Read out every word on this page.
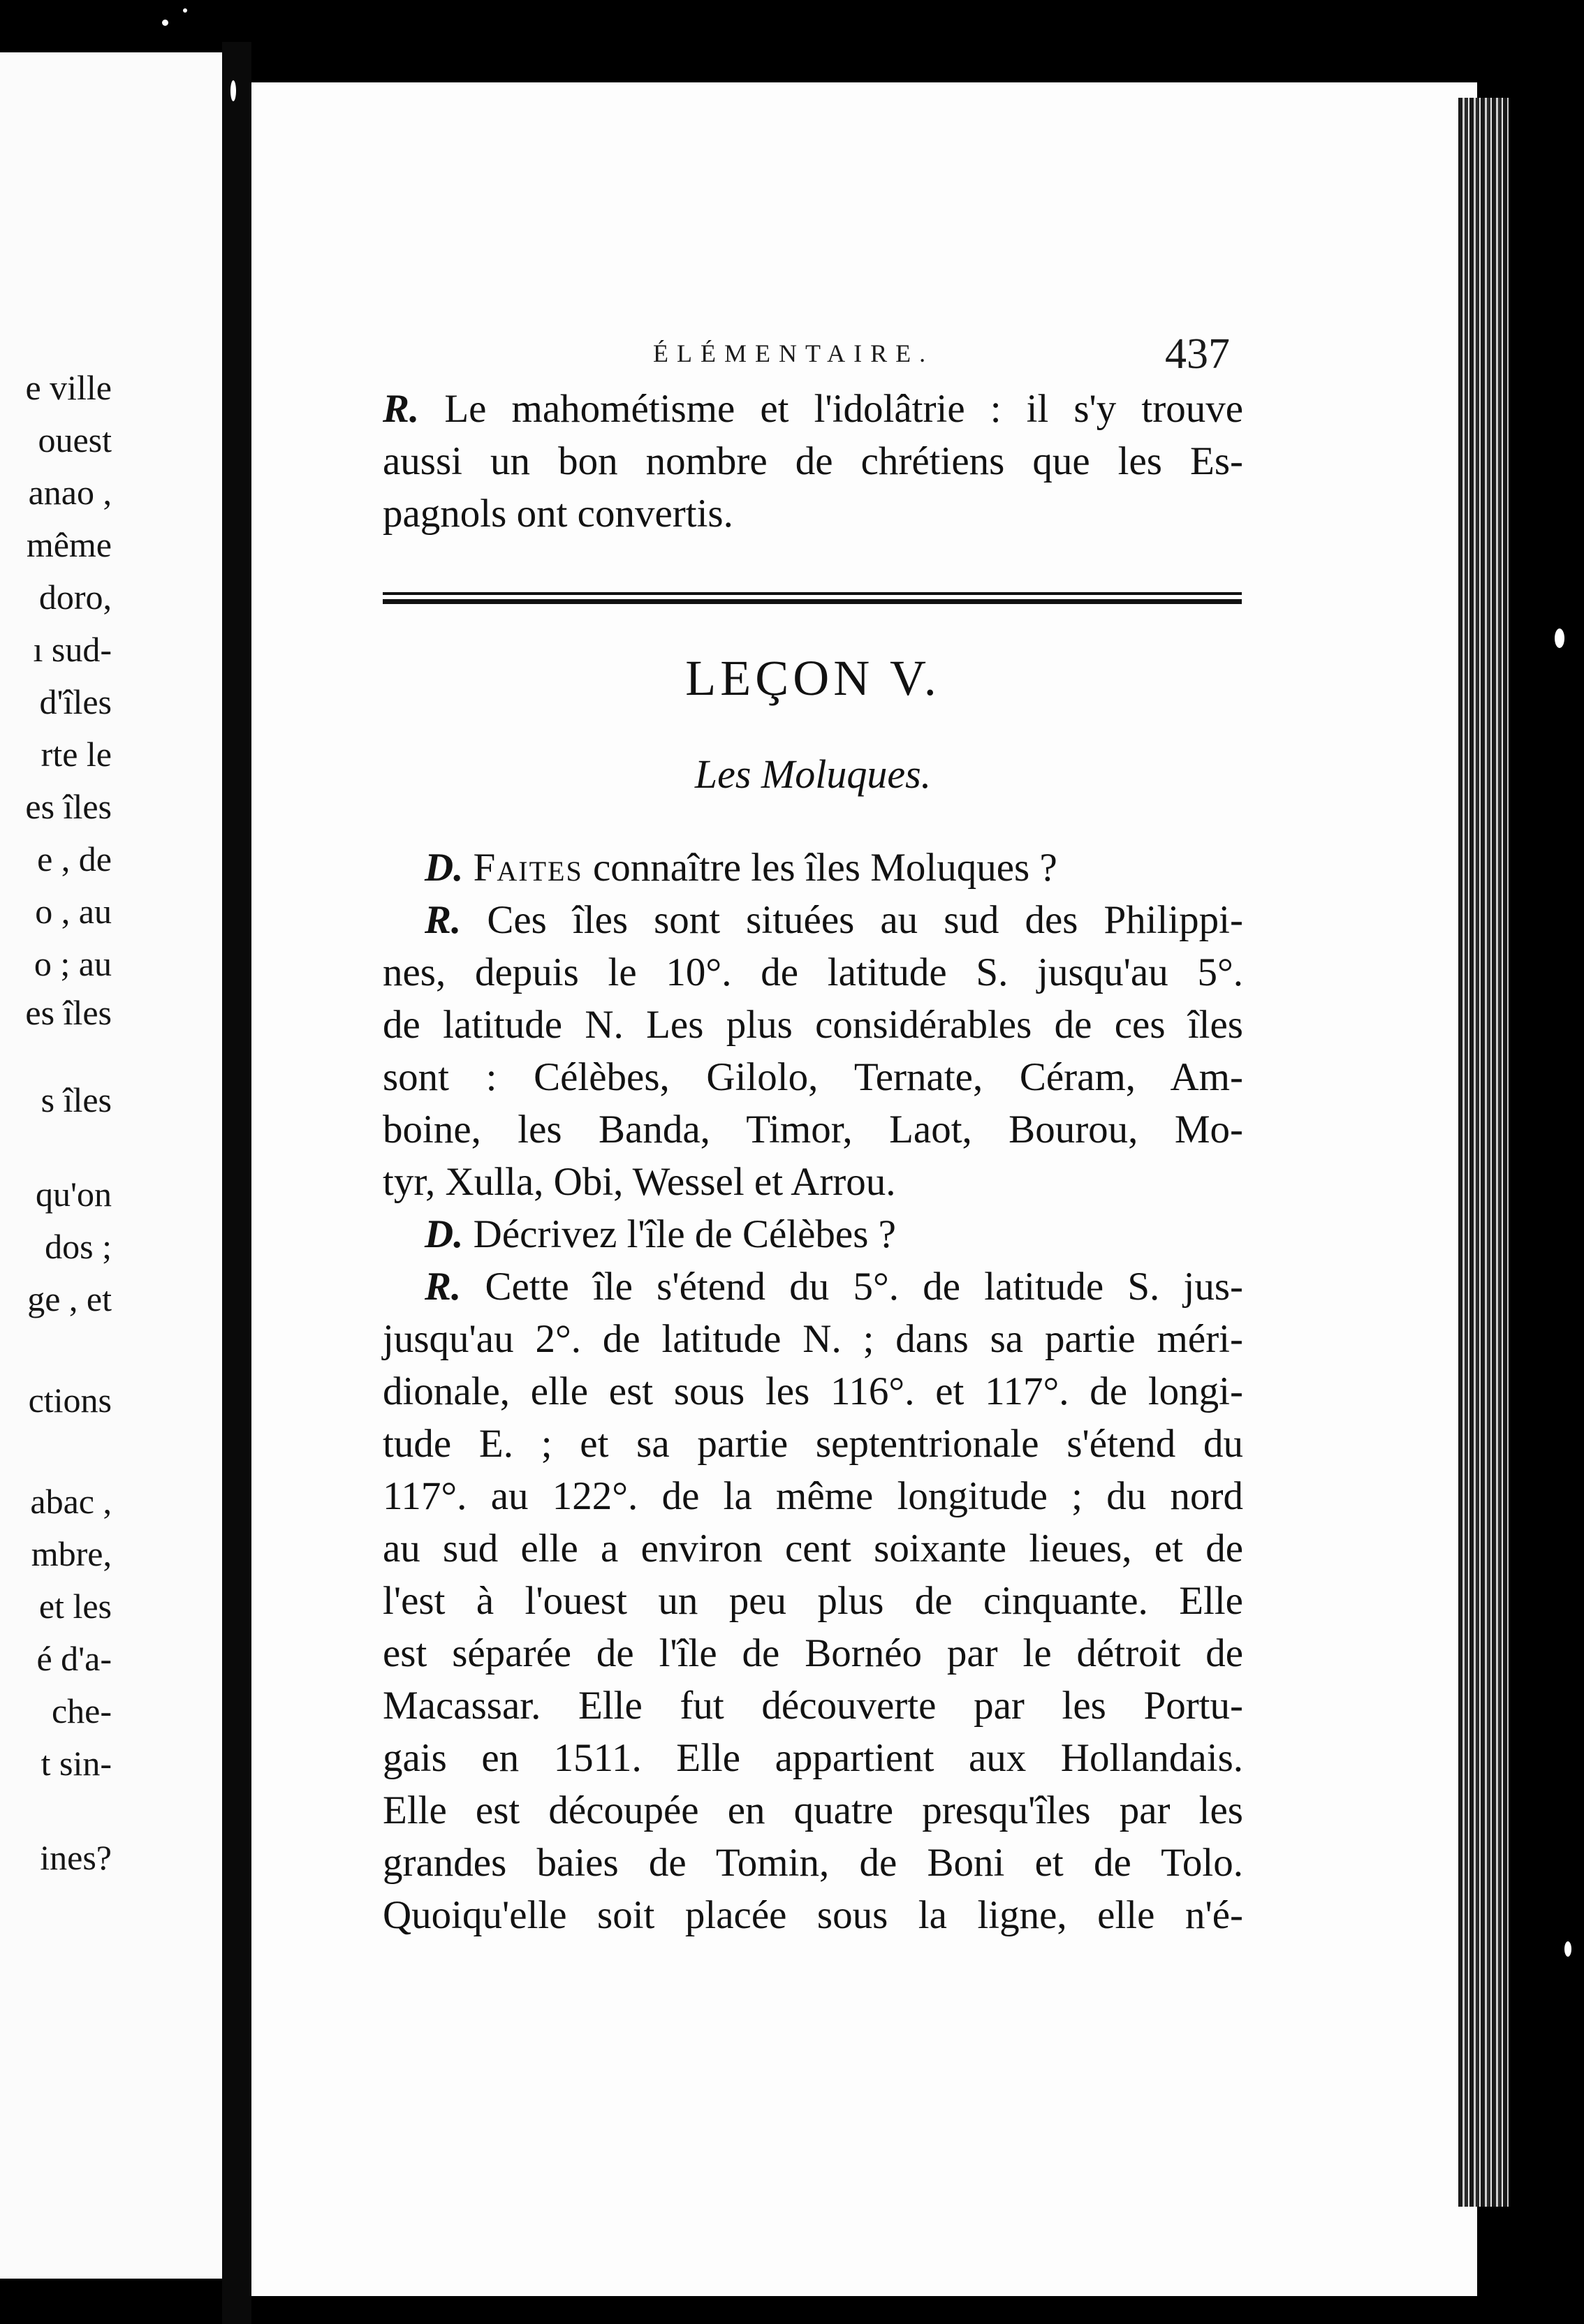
e ville
ouest
anao ,
même
doro,
ı sud-
d'îles
rte le
es îles
e , de
o , au
o ; au
es îles
s îles
qu'on
dos ;
ge , et
ctions
abac ,
mbre,
et les
é d'a-
che-
t sin-
ines?
ÉLÉMENTAIRE.	437
R. Le mahométisme et l'idolâtrie : il s'y trouve
aussi un bon nombre de chrétiens que les Es-
pagnols ont convertis.
LEÇON V.
Les Moluques.
D. Faites connaître les îles Moluques ?
R. Ces îles sont situées au sud des Philippi-
nes, depuis le 10°. de latitude S. jusqu'au 5°.
de latitude N. Les plus considérables de ces îles
sont : Célèbes, Gilolo, Ternate, Céram, Am-
boine, les Banda, Timor, Laot, Bourou, Mo-
tyr, Xulla, Obi, Wessel et Arrou.
D. Décrivez l'île de Célèbes ?
R. Cette île s'étend du 5°. de latitude S. jus-
jusqu'au 2°. de latitude N. ; dans sa partie méri-
dionale, elle est sous les 116°. et 117°. de longi-
tude E. ; et sa partie septentrionale s'étend du
117°. au 122°. de la même longitude ; du nord
au sud elle a environ cent soixante lieues, et de
l'est à l'ouest un peu plus de cinquante. Elle
est séparée de l'île de Bornéo par le détroit de
Macassar. Elle fut découverte par les Portu-
gais en 1511. Elle appartient aux Hollandais.
Elle est découpée en quatre presqu'îles par les
grandes baies de Tomin, de Boni et de Tolo.
Quoiqu'elle soit placée sous la ligne, elle n'é-
